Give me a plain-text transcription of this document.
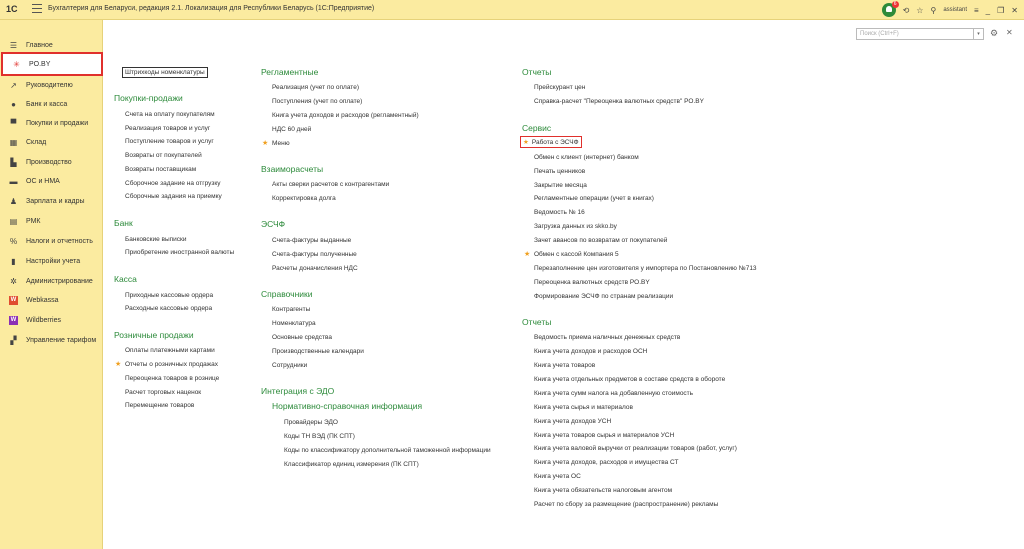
1С	Бухгалтерия для Беларуси, редакция 2.1. Локализация для Республики Беларусь (1С:Предприятие)
6
⟲ ☆ ⚲ assistant ≡ _ ❐ ✕
☰ Главное
✳ PO.BY
↗ Руководителю
● Банк и касса
▀ Покупки и продажи
▦ Склад
▙ Производство
▬ ОС и НМА
♟ Зарплата и кадры
▤ РМК
% Налоги и отчетность
▮	Настройки учета
✲ Администрирование
W Webkassa
W Wildberries
▞ Управление тарифом
Поиск (Ctrl+F)	▾	⚙ ✕
Штрихкоды номенклатуры
Покупки-продажи
Счета на оплату покупателям
Реализация товаров и услуг
Поступление товаров и услуг
Возвраты от покупателей
Возвраты поставщикам
Сборочное задание на отгрузку
Сборочные задания на приемку
Банк
Банковские выписки
Приобретение иностранной валюты
Касса
Приходные кассовые ордера
Расходные кассовые ордера
Розничные продажи
Оплаты платежными картами
★ Отчеты о розничных продажах
Переоценка товаров в рознице
Расчет торговых наценок
Перемещение товаров
Регламентные
Реализация (учет по оплате)
Поступления (учет по оплате)
Книга учета доходов и расходов (регламентный)
НДС 60 дней
★ Меню
Взаиморасчеты
Акты сверки расчетов с контрагентами
Корректировка долга
ЭСЧФ
Счета-фактуры выданные
Счета-фактуры полученные
Расчеты доначисления НДС
Справочники
Контрагенты
Номенклатура
Основные средства
Производственные календари
Сотрудники
Интеграция с ЭДО
Нормативно-справочная информация
Провайдеры ЭДО
Коды ТН ВЭД (ПК СПТ)
Коды по классификатору дополнительной таможенной информации
Классификатор единиц измерения (ПК СПТ)
Отчеты
Прейскурант цен
Справка-расчет "Переоценка валютных средств" PO.BY
Сервис
★ Работа с ЭСЧФ
Обмен с клиент (интернет) банком
Печать ценников
Закрытие месяца
Регламентные операции (учет в книгах)
Ведомость № 16
Загрузка данных из skko.by
Зачет авансов по возвратам от покупателей
★ Обмен с кассой Компания 5
Перезаполнение цен изготовителя у импортера по Постановлению №713
Переоценка валютных средств PO.BY
Формирование ЭСЧФ по странам реализации
Отчеты
Ведомость приема наличных денежных средств
Книга учета доходов и расходов ОСН
Книга учета товаров
Книга учета отдельных предметов в составе средств в обороте
Книга учета сумм налога на добавленную стоимость
Книга учета сырья и материалов
Книга учета доходов УСН
Книга учета товаров сырья и материалов УСН
Книга учета валовой выручки от реализации товаров (работ, услуг)
Книга учета доходов, расходов и имущества СТ
Книга учета ОС
Книга учета обязательств налоговым агентом
Расчет по сбору за размещение (распространение) рекламы
